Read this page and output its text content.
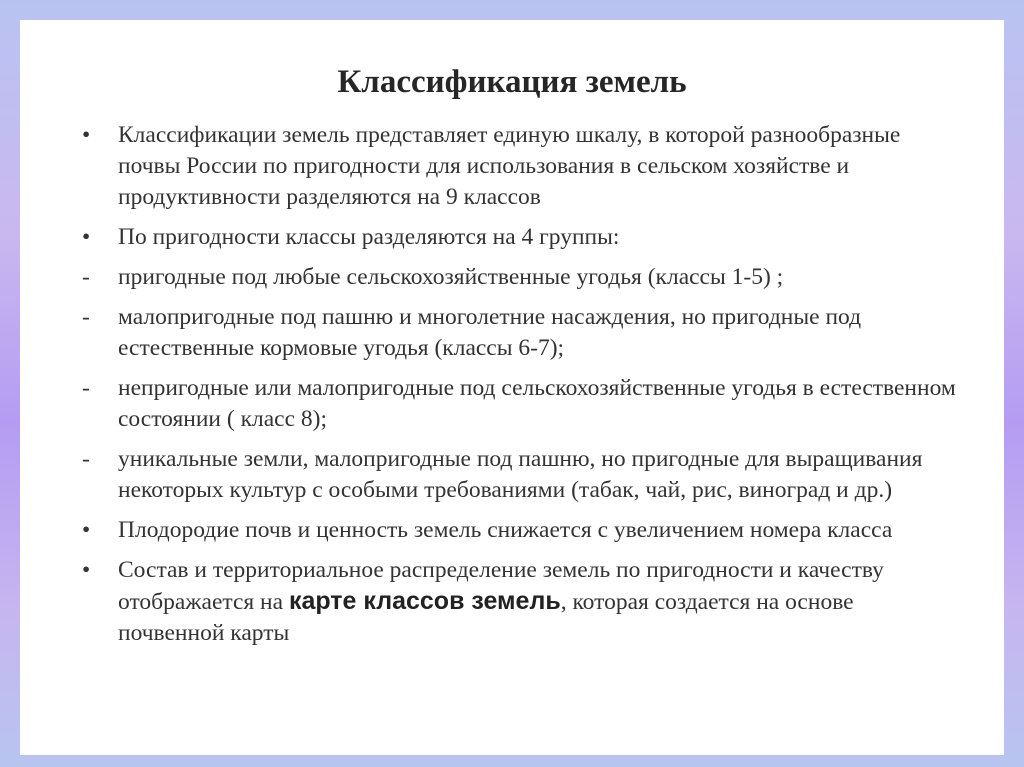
Классификация земель
•	Классификации земель представляет единую шкалу, в которой разнообразные почвы России по пригодности для использования в сельском хозяйстве и продуктивности разделяются на 9 классов
•	По пригодности классы разделяются на 4 группы:
-	пригодные под любые сельскохозяйственные угодья (классы 1-5) ;
-	малопригодные под пашню и многолетние насаждения, но пригодные под естественные кормовые угодья (классы 6-7);
-	непригодные или малопригодные под сельскохозяйственные угодья в естественном состоянии ( класс 8);
-	уникальные земли, малопригодные под пашню, но пригодные для выращивания некоторых культур с особыми требованиями (табак, чай, рис, виноград и др.)
•	Плодородие почв и ценность земель снижается с увеличением номера класса
•	Состав и территориальное распределение земель по пригодности и качеству отображается на карте классов земель, которая создается на основе почвенной карты
